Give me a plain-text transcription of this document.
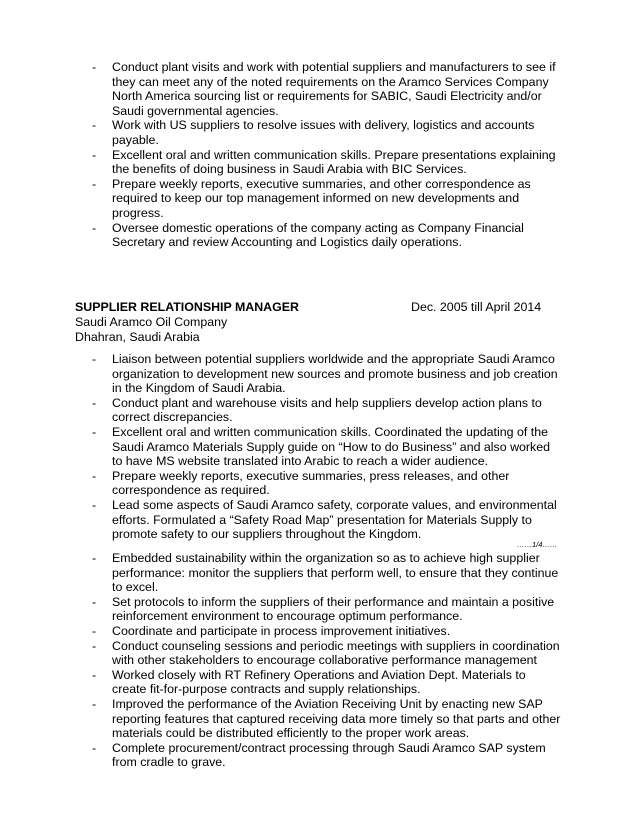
- Conduct plant visits and work with potential suppliers and manufacturers to see if they can meet any of the noted requirements on the Aramco Services Company North America sourcing list or requirements for SABIC, Saudi Electricity and/or Saudi governmental agencies.
- Work with US suppliers to resolve issues with delivery, logistics and accounts payable.
- Excellent oral and written communication skills. Prepare presentations explaining the benefits of doing business in Saudi Arabia with BIC Services.
- Prepare weekly reports, executive summaries, and other correspondence as required to keep our top management informed on new developments and progress.
- Oversee domestic operations of the company acting as Company Financial Secretary and review Accounting and Logistics daily operations.
SUPPLIER RELATIONSHIP MANAGER	Dec. 2005 till April 2014
Saudi Aramco Oil Company
Dhahran, Saudi Arabia
- Liaison between potential suppliers worldwide and the appropriate Saudi Aramco organization to development new sources and promote business and job creation in the Kingdom of Saudi Arabia.
- Conduct plant and warehouse visits and help suppliers develop action plans to correct discrepancies.
- Excellent oral and written communication skills. Coordinated the updating of the Saudi Aramco Materials Supply guide on “How to do Business” and also worked to have MS website translated into Arabic to reach a wider audience.
- Prepare weekly reports, executive summaries, press releases, and other correspondence as required.
- Lead some aspects of Saudi Aramco safety, corporate values, and environmental efforts. Formulated a “Safety Road Map” presentation for Materials Supply to promote safety to our suppliers throughout the Kingdom.
……1/4……
- Embedded sustainability within the organization so as to achieve high supplier performance: monitor the suppliers that perform well, to ensure that they continue to excel.
- Set protocols to inform the suppliers of their performance and maintain a positive reinforcement environment to encourage optimum performance.
- Coordinate and participate in process improvement initiatives.
- Conduct counseling sessions and periodic meetings with suppliers in coordination with other stakeholders to encourage collaborative performance management
- Worked closely with RT Refinery Operations and Aviation Dept. Materials to create fit-for-purpose contracts and supply relationships.
- Improved the performance of the Aviation Receiving Unit by enacting new SAP reporting features that captured receiving data more timely so that parts and other materials could be distributed efficiently to the proper work areas.
- Complete procurement/contract processing through Saudi Aramco SAP system from cradle to grave.
